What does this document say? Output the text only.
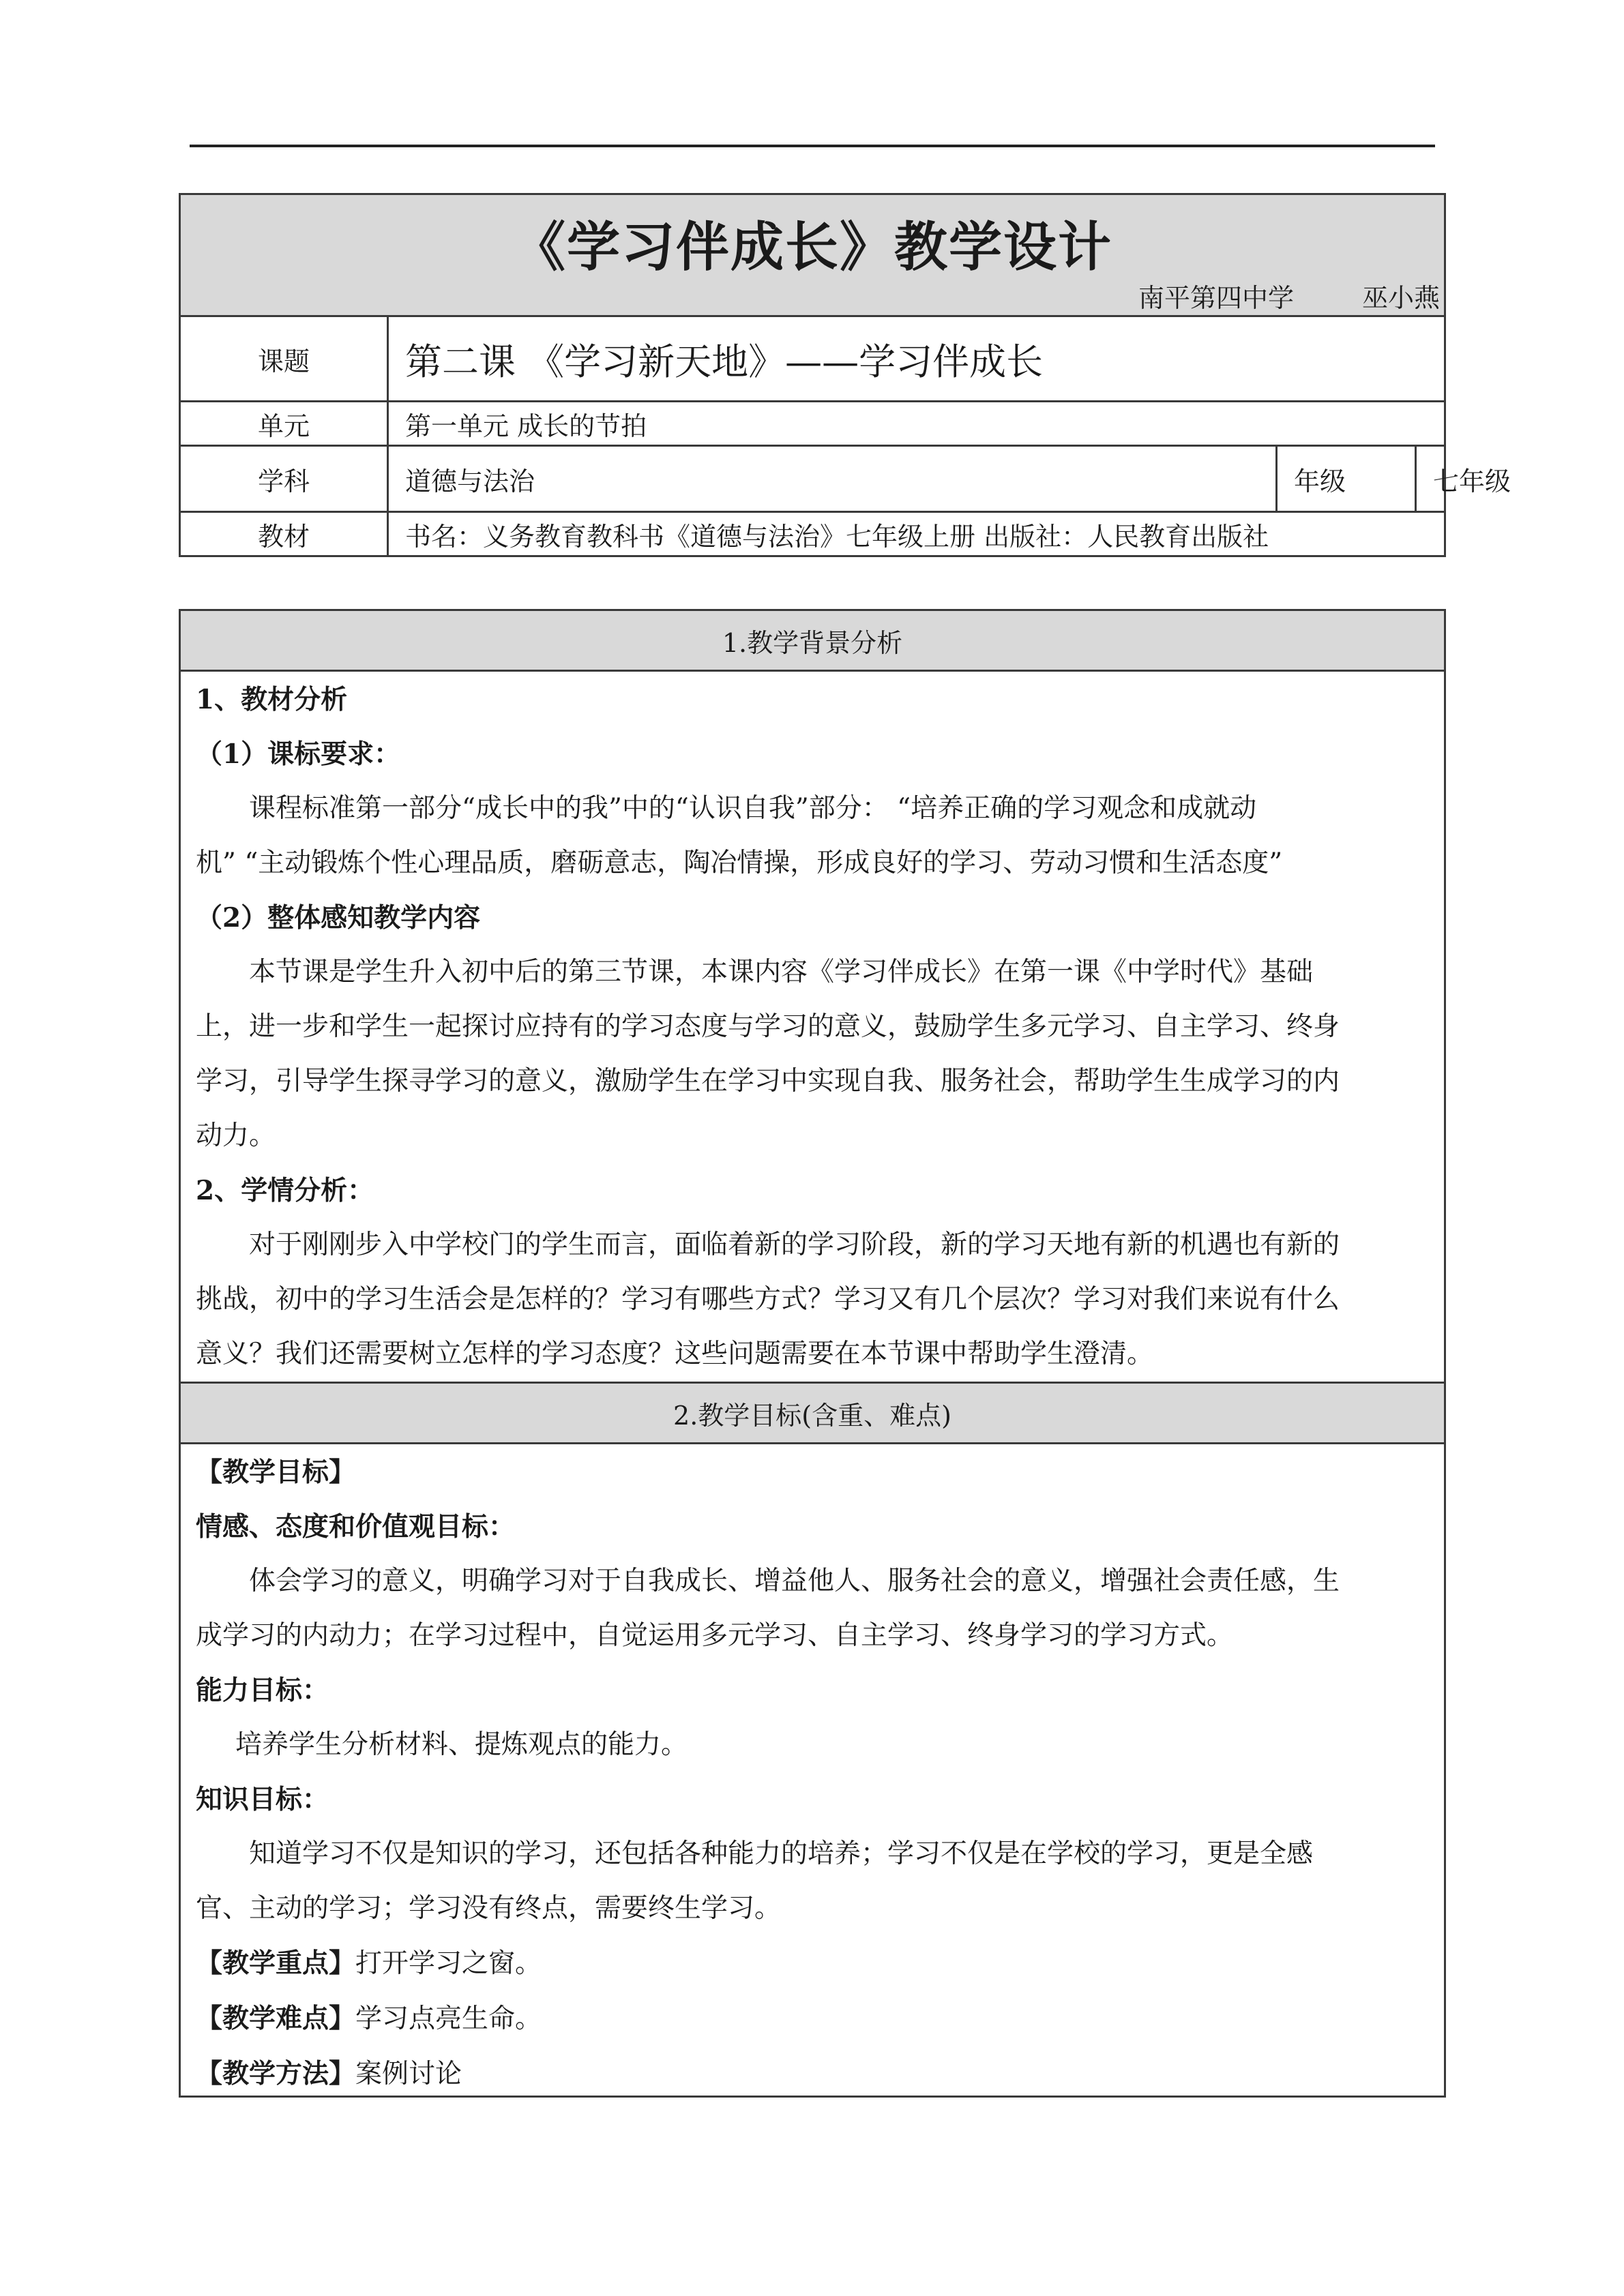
《学习伴成长》教学设计
南平第四中学	巫小燕
课题	第二课 《学习新天地》——学习伴成长
单元	第一单元 成长的节拍
学科	道德与法治	年级	七年级
教材	书名：义务教育教科书《道德与法治》七年级上册 出版社：人民教育出版社
1.教学背景分析
1、教材分析
（1）课标要求：
课程标准第一部分“成长中的我”中的“认识自我”部分： “培养正确的学习观念和成就动
机” “主动锻炼个性心理品质，磨砺意志，陶冶情操，形成良好的学习、劳动习惯和生活态度”
（2）整体感知教学内容
本节课是学生升入初中后的第三节课，本课内容《学习伴成长》在第一课《中学时代》基础
上，进一步和学生一起探讨应持有的学习态度与学习的意义，鼓励学生多元学习、自主学习、终身
学习，引导学生探寻学习的意义，激励学生在学习中实现自我、服务社会，帮助学生生成学习的内
动力。
2、学情分析：
对于刚刚步入中学校门的学生而言，面临着新的学习阶段，新的学习天地有新的机遇也有新的
挑战，初中的学习生活会是怎样的？学习有哪些方式？学习又有几个层次？学习对我们来说有什么
意义？我们还需要树立怎样的学习态度？这些问题需要在本节课中帮助学生澄清。
2.教学目标(含重、难点)
【教学目标】
情感、态度和价值观目标：
体会学习的意义，明确学习对于自我成长、增益他人、服务社会的意义，增强社会责任感，生
成学习的内动力；在学习过程中，自觉运用多元学习、自主学习、终身学习的学习方式。
能力目标：
培养学生分析材料、提炼观点的能力。
知识目标：
知道学习不仅是知识的学习，还包括各种能力的培养；学习不仅是在学校的学习，更是全感
官、主动的学习；学习没有终点，需要终生学习。
【教学重点】打开学习之窗。
【教学难点】学习点亮生命。
【教学方法】案例讨论
